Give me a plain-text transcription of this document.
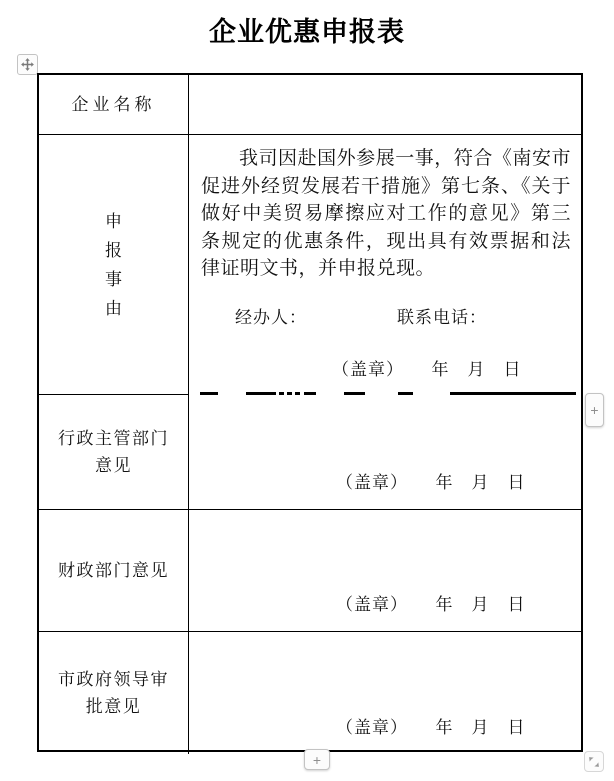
企业优惠申报表
企业名称
申报事由

我司因赴国外参展一事，符合《南安市促进外经贸发展若干措施》第七条、《关于做好中美贸易摩擦应对工作的意见》第三条规定的优惠条件，现出具有效票据和法律证明文书，并申报兑现。

经办人：	联系电话：
（盖章）　　年　月　日
行政主管部门意见
（盖章）　　年　月　日
财政部门意见
（盖章）　　年　月　日
市政府领导审批意见
（盖章）　　年　月　日
+
+
